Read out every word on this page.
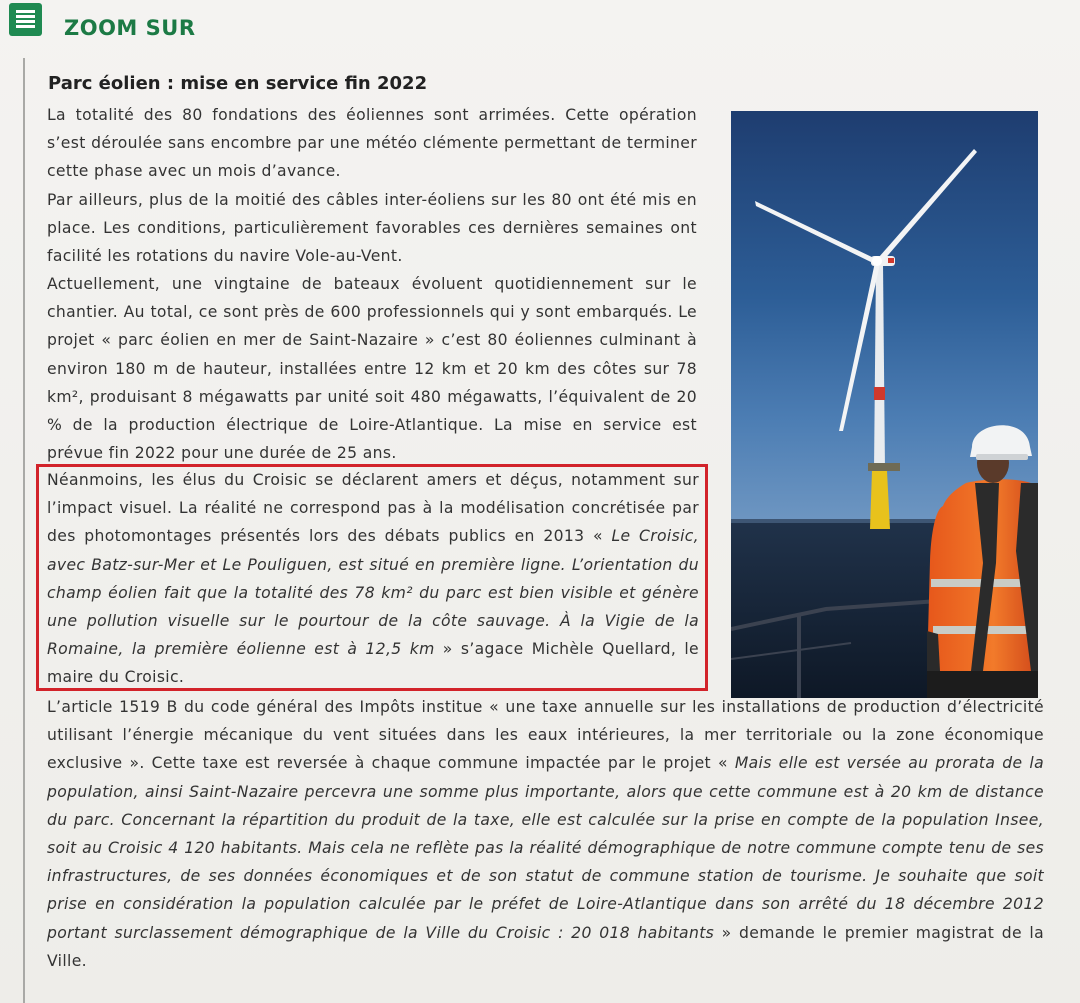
ZOOM SUR
Parc éolien : mise en service fin 2022

La totalité des 80 fondations des éoliennes sont arrimées. Cette opération s’est déroulée sans encombre par une météo clémente permettant de terminer cette phase avec un mois d’avance.

Par ailleurs, plus de la moitié des câbles inter-éoliens sur les 80 ont été mis en place. Les conditions, particulièrement favorables ces dernières semaines ont facilité les rotations du navire Vole-au-Vent.

Actuellement, une vingtaine de bateaux évoluent quotidiennement sur le chantier. Au total, ce sont près de 600 professionnels qui y sont embarqués. Le projet « parc éolien en mer de Saint-Nazaire » c’est 80 éoliennes culminant à environ 180 m de hauteur, installées entre 12 km et 20 km des côtes sur 78 km², produisant 8 mégawatts par unité soit 480 mégawatts, l’équivalent de 20 % de la production électrique de Loire-Atlantique. La mise en service est prévue fin 2022 pour une durée de 25 ans.

Néanmoins, les élus du Croisic se déclarent amers et déçus, notamment sur l’impact visuel. La réalité ne correspond pas à la modélisation concrétisée par des photomontages présentés lors des débats publics en 2013 « Le Croisic, avec Batz-sur-Mer et Le Pouliguen, est situé en première ligne. L’orientation du champ éolien fait que la totalité des 78 km² du parc est bien visible et génère une pollution visuelle sur le pourtour de la côte sauvage. À la Vigie de la Romaine, la première éolienne est à 12,5 km » s’agace Michèle Quellard, le maire du Croisic.

L’article 1519 B du code général des Impôts institue « une taxe annuelle sur les installations de production d’électricité utilisant l’énergie mécanique du vent situées dans les eaux intérieures, la mer territoriale ou la zone économique exclusive ». Cette taxe est reversée à chaque commune impactée par le projet « Mais elle est versée au prorata de la population, ainsi Saint-Nazaire percevra une somme plus importante, alors que cette commune est à 20 km de distance du parc. Concernant la répartition du produit de la taxe, elle est calculée sur la prise en compte de la population Insee, soit au Croisic 4 120 habitants. Mais cela ne reflète pas la réalité démographique de notre commune compte tenu de ses infrastructures, de ses données économiques et de son statut de commune station de tourisme. Je souhaite que soit prise en considération la population calculée par le préfet de Loire-Atlantique dans son arrêté du 18 décembre 2012 portant surclassement démographique de la Ville du Croisic : 20 018 habitants » demande le premier magistrat de la Ville.
